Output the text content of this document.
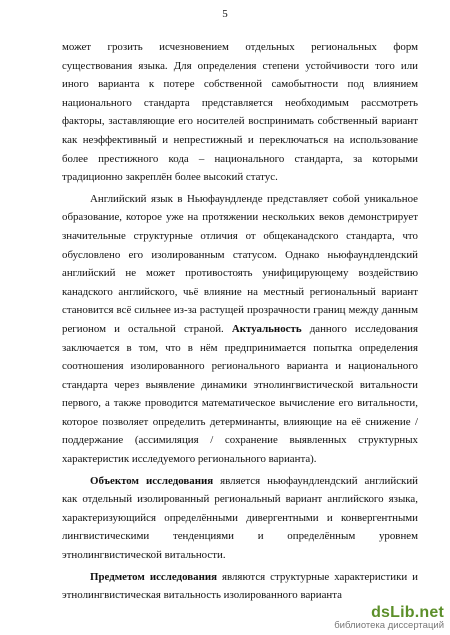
5

может грозить исчезновением отдельных региональных форм существования языка. Для определения степени устойчивости того или иного варианта к потере собственной самобытности под влиянием национального стандарта представляется необходимым рассмотреть факторы, заставляющие его носителей воспринимать собственный вариант как неэффективный и непрестижный и переключаться на использование более престижного кода – национального стандарта, за которыми традиционно закреплён более высокий статус.

Английский язык в Ньюфаундленде представляет собой уникальное образование, которое уже на протяжении нескольких веков демонстрирует значительные структурные отличия от общеканадского стандарта, что обусловлено его изолированным статусом. Однако ньюфаундлендский английский не может противостоять унифицирующему воздействию канадского английского, чьё влияние на местный региональный вариант становится всё сильнее из-за растущей прозрачности границ между данным регионом и остальной страной. Актуальность данного исследования заключается в том, что в нём предпринимается попытка определения соотношения изолированного регионального варианта и национального стандарта через выявление динамики этнолингвистической витальности первого, а также проводится математическое вычисление его витальности, которое позволяет определить детерминанты, влияющие на её снижение / поддержание (ассимиляция / сохранение выявленных структурных характеристик исследуемого регионального варианта).

Объектом исследования является ньюфаундлендский английский как отдельный изолированный региональный вариант английского языка, характеризующийся определёнными дивергентными и конвергентными лингвистическими тенденциями и определённым уровнем этнолингвистической витальности.

Предметом исследования являются структурные характеристики и этнолингвистическая витальность изолированного варианта

dsLib.net
библиотека диссертаций
